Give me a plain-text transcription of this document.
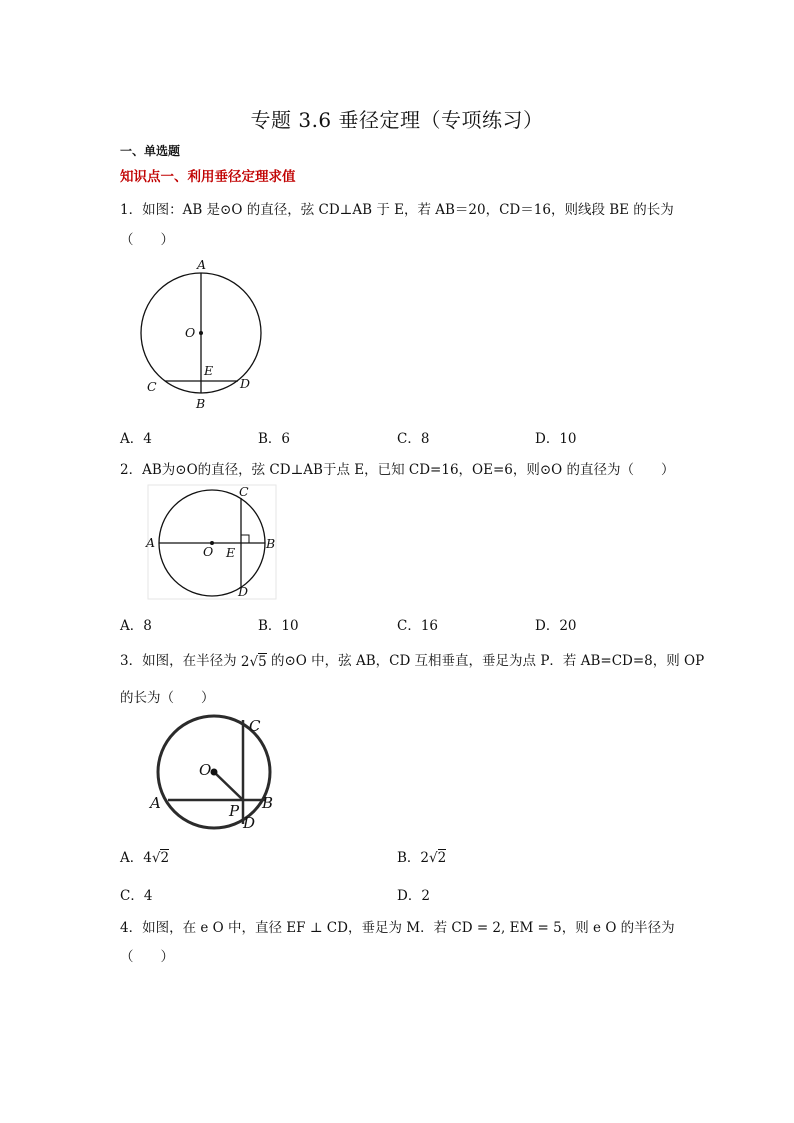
专题 3.6 垂径定理（专项练习）
一、单选题
知识点一、利用垂径定理求值
1．如图：AB 是⊙O 的直径，弦 CD⊥AB 于 E，若 AB＝20，CD＝16，则线段 BE 的长为
（　　）
A
O
E
C	D
B
A．4	B．6	C．8	D．10
2．AB为⊙O的直径，弦 CD⊥AB于点 E，已知 CD=16，OE=6，则⊙O 的直径为（　　）
C
A
O E
B
D
A．8	B．10	C．16	D．20
3．如图，在半径为 2√5 的⊙O 中，弦 AB，CD 互相垂直，垂足为点 P．若 AB=CD=8，则 OP
的长为（　　）
C
O
A	P B
D
A．4√2	B．2√2
C．4	D．2
4．如图，在 e O 中，直径 EF ⊥ CD，垂足为 M．若 CD = 2, EM = 5，则 e O 的半径为
（　　）
